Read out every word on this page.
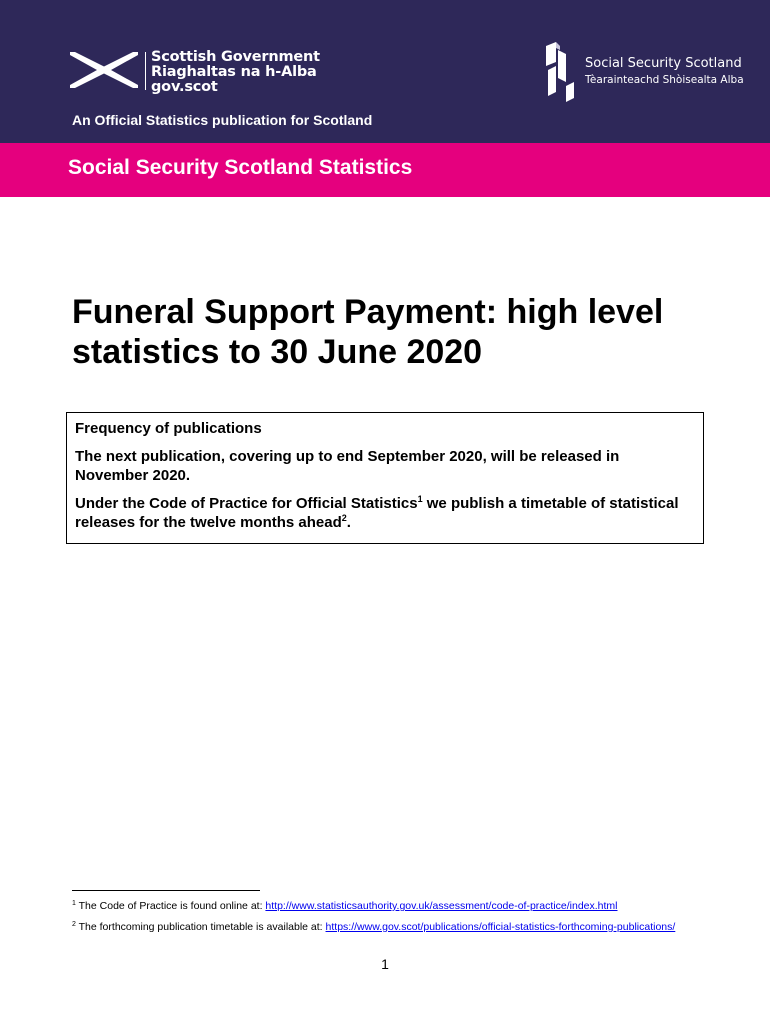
Scottish Government
Riaghaltas na h-Alba
gov.scot
Social Security Scotland
Tèarainteachd Shòisealta Alba
An Official Statistics publication for Scotland
Social Security Scotland Statistics
Funeral Support Payment: high level statistics to 30 June 2020

Frequency of publications

The next publication, covering up to end September 2020, will be released in November 2020.

Under the Code of Practice for Official Statistics$^1$ we publish a timetable of statistical releases for the twelve months ahead$^2$.

$^1$ The Code of Practice is found online at: http://www.statisticsauthority.gov.uk/assessment/code-of-practice/index.html
$^2$ The forthcoming publication timetable is available at: https://www.gov.scot/publications/official-statistics-forthcoming-publications/
1
